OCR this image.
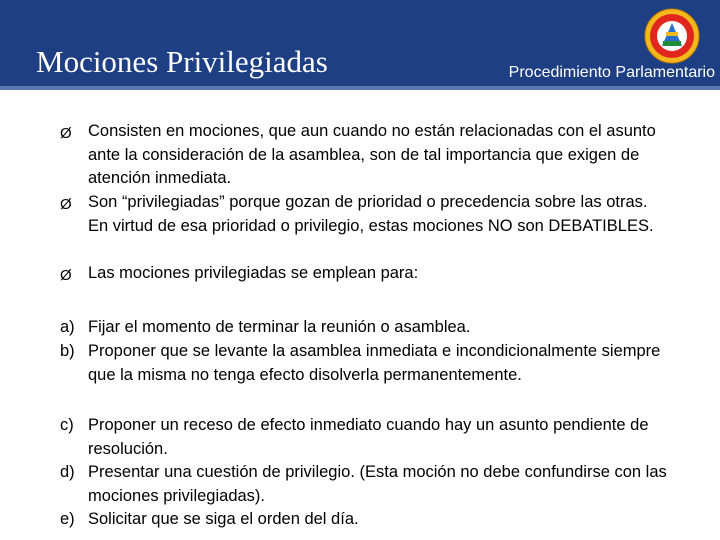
Mociones Privilegiadas	Procedimiento Parlamentario
Ø Consisten en mociones, que aun cuando no están relacionadas con el asunto ante la consideración de la asamblea, son de tal importancia que exigen de atención inmediata.
Ø Son “privilegiadas” porque gozan de prioridad o precedencia sobre las otras. En virtud de esa prioridad o privilegio, estas mociones NO son DEBATIBLES.
Ø Las mociones privilegiadas se emplean para:
a) Fijar el momento de terminar la reunión o asamblea.
b) Proponer que se levante la asamblea inmediata e incondicionalmente siempre que la misma no tenga efecto disolverla permanentemente.
c) Proponer un receso de efecto inmediato cuando hay un asunto pendiente de resolución.
d) Presentar una cuestión de privilegio. (Esta moción no debe confundirse con las mociones privilegiadas).
e) Solicitar que se siga el orden del día.
